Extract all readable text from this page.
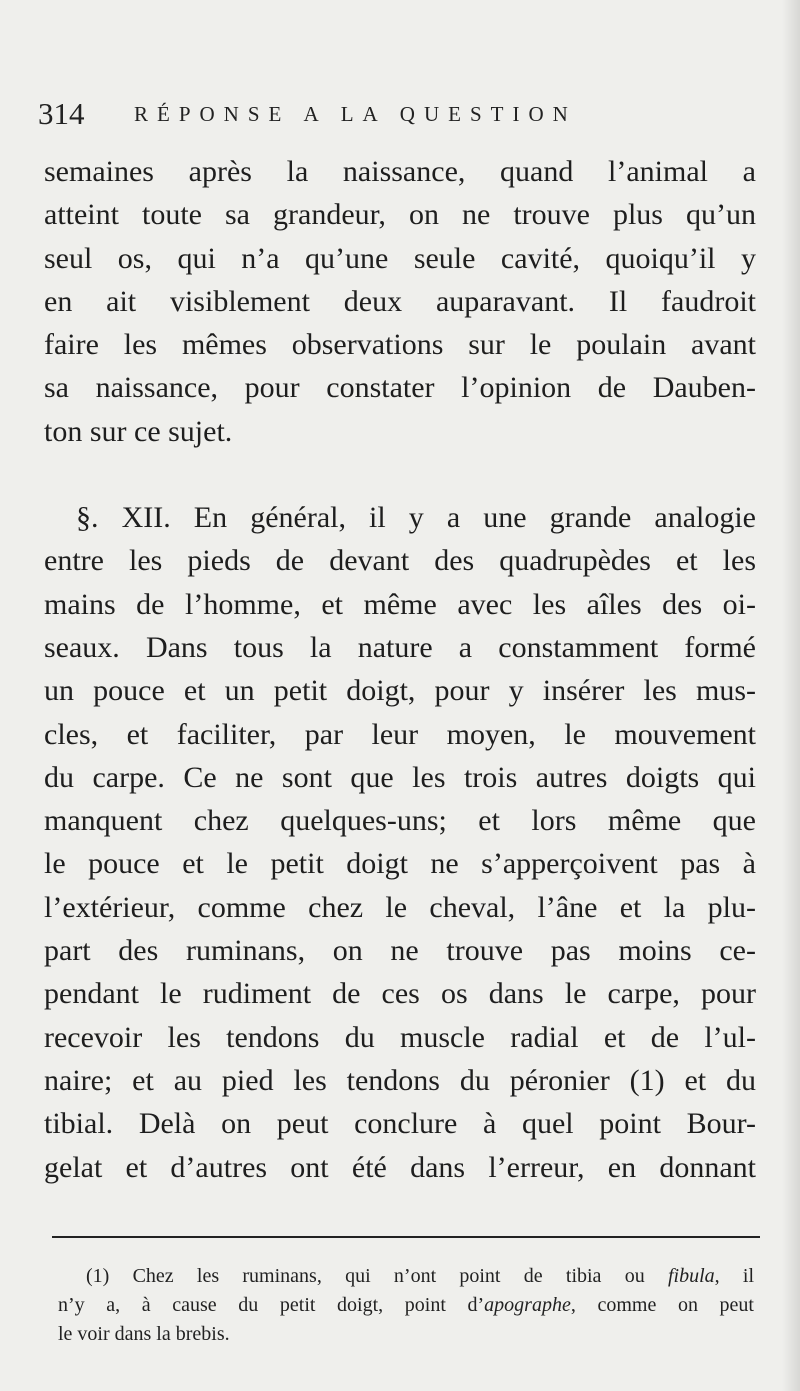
314 RÉPONSE A LA QUESTION
semaines après la naissance, quand l’animal a
atteint toute sa grandeur, on ne trouve plus qu’un
seul os, qui n’a qu’une seule cavité, quoiqu’il y
en ait visiblement deux auparavant. Il faudroit
faire les mêmes observations sur le poulain avant
sa naissance, pour constater l’opinion de Dauben-
ton sur ce sujet.
§. XII. En général, il y a une grande analogie
entre les pieds de devant des quadrupèdes et les
mains de l’homme, et même avec les aîles des oi-
seaux. Dans tous la nature a constamment formé
un pouce et un petit doigt, pour y insérer les mus-
cles, et faciliter, par leur moyen, le mouvement
du carpe. Ce ne sont que les trois autres doigts qui
manquent chez quelques-uns; et lors même que
le pouce et le petit doigt ne s’apperçoivent pas à
l’extérieur, comme chez le cheval, l’âne et la plu-
part des ruminans, on ne trouve pas moins ce-
pendant le rudiment de ces os dans le carpe, pour
recevoir les tendons du muscle radial et de l’ul-
naire; et au pied les tendons du péronier (1) et du
tibial. Delà on peut conclure à quel point Bour-
gelat et d’autres ont été dans l’erreur, en donnant
(1) Chez les ruminans, qui n’ont point de tibia ou fibula, il
n’y a, à cause du petit doigt, point d’apographe, comme on peut
le voir dans la brebis.
